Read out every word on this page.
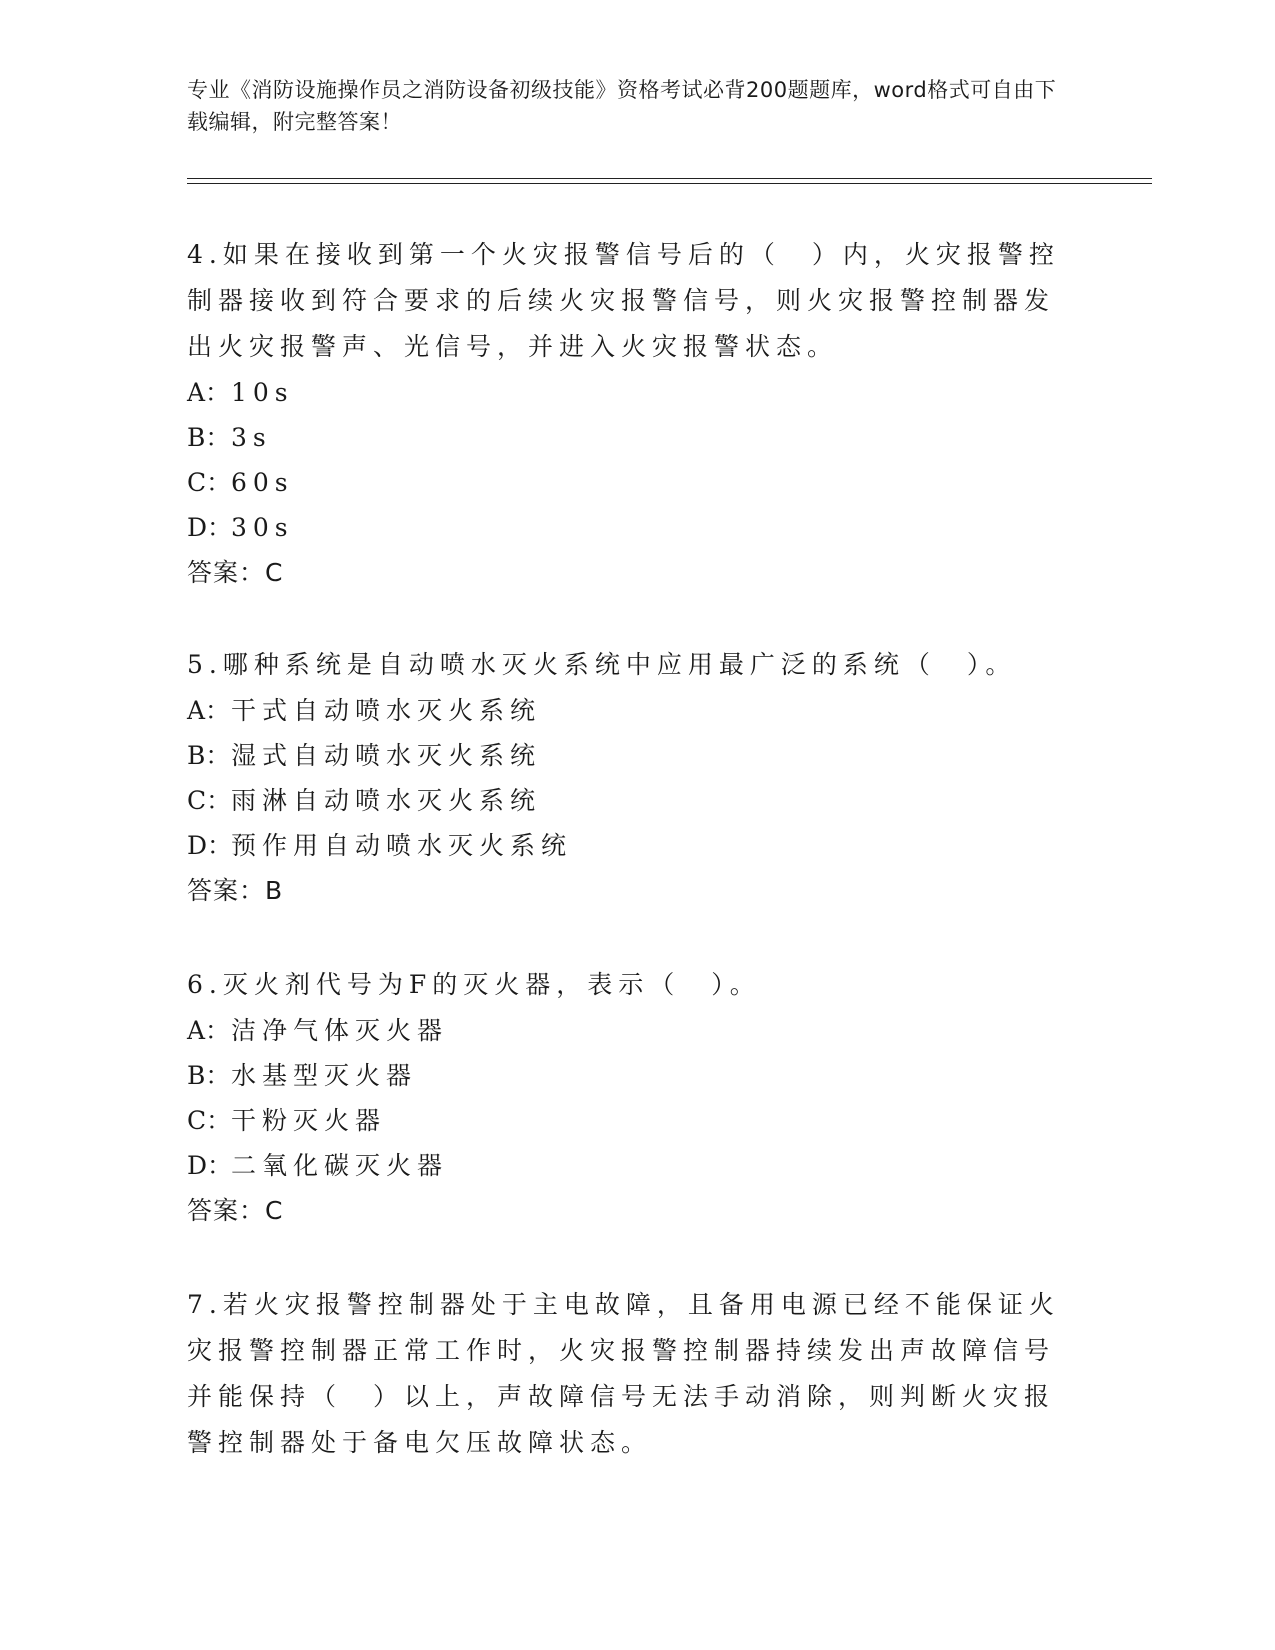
专业《消防设施操作员之消防设备初级技能》资格考试必背200题题库，word格式可自由下载编辑，附完整答案！

4.如果在接收到第一个火灾报警信号后的（　）内，火灾报警控制器接收到符合要求的后续火灾报警信号，则火灾报警控制器发出火灾报警声、光信号，并进入火灾报警状态。

A： 10s
B： 3s
C： 60s
D：
30s
答案： C

5.哪种系统是自动喷水灭火系统中应用最广泛的系统（　）。

A： 干式自动喷水灭火系统
B： 湿式自动喷水灭火系统
C： 雨淋自动喷水灭火系统
D：
预作用自动喷水灭火系统
答案： B

6.灭火剂代号为F的灭火器，表示（　）。

A： 洁净气体灭火器
B： 水基型灭火器
C： 干粉灭火器
D：
二氧化碳灭火器
答案： C

7.若火灾报警控制器处于主电故障，且备用电源已经不能保证火灾报警控制器正常工作时，火灾报警控制器持续发出声故障信号并能保持（　）以上，声故障信号无法手动消除，则判断火灾报警控制器处于备电欠压故障状态。
